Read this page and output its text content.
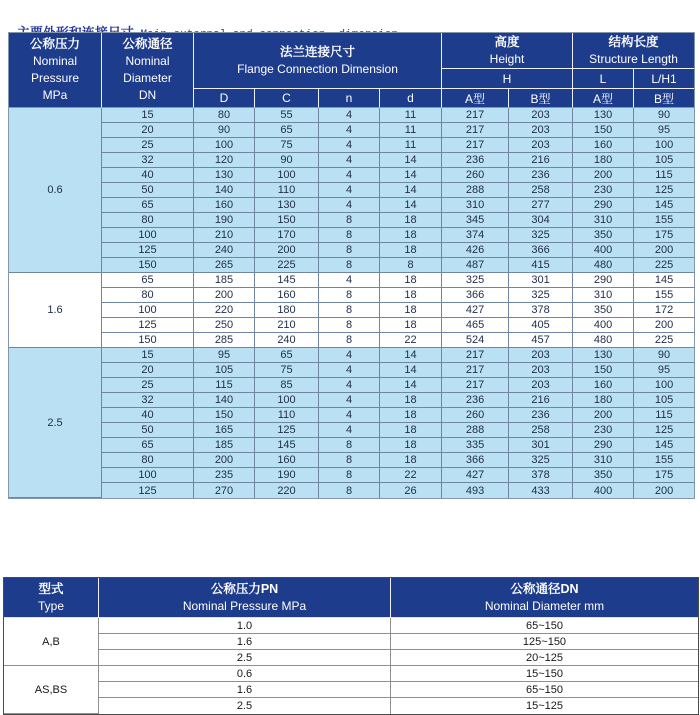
公称压力
Nominal
Pressure
MPa

公称通径
Nominal
Diameter
DN

法兰连接尺寸
Flange Connection Dimension

高度
Height

结构长度
Structure Length

						H		L	L/H1
		D	C	n	d	A型	B型	A型	B型
0.6	15	80	55	4	11	217	203	130	90
	20	90	65	4	11	217	203	150	95
	25	100	75	4	11	217	203	160	100
	32	120	90	4	14	236	216	180	105
	40	130	100	4	14	260	236	200	115
	50	140	110	4	14	288	258	230	125
	65	160	130	4	14	310	277	290	145
	80	190	150	8	18	345	304	310	155
	100	210	170	8	18	374	325	350	175
	125	240	200	8	18	426	366	400	200
	150	265	225	8	8	487	415	480	225
1.6	65	185	145	4	18	325	301	290	145
	80	200	160	8	18	366	325	310	155
	100	220	180	8	18	427	378	350	172
	125	250	210	8	18	465	405	400	200
	150	285	240	8	22	524	457	480	225
2.5	15	95	65	4	14	217	203	130	90
	20	105	75	4	14	217	203	150	95
	25	115	85	4	14	217	203	160	100
	32	140	100	4	18	236	216	180	105
	40	150	110	4	18	260	236	200	115
	50	165	125	4	18	288	258	230	125
	65	185	145	8	18	335	301	290	145
	80	200	160	8	18	366	325	310	155
	100	235	190	8	22	427	378	350	175
	125	270	220	8	26	493	433	400	200
型式
Type

公称压力PN
Nominal Pressure MPa

公称通径DN
Nominal Diameter mm

A,B	1.0	65~150
	1.6	125~150
	2.5	20~125
AS,BS	0.6	15~150
	1.6	65~150
	2.5	15~125
